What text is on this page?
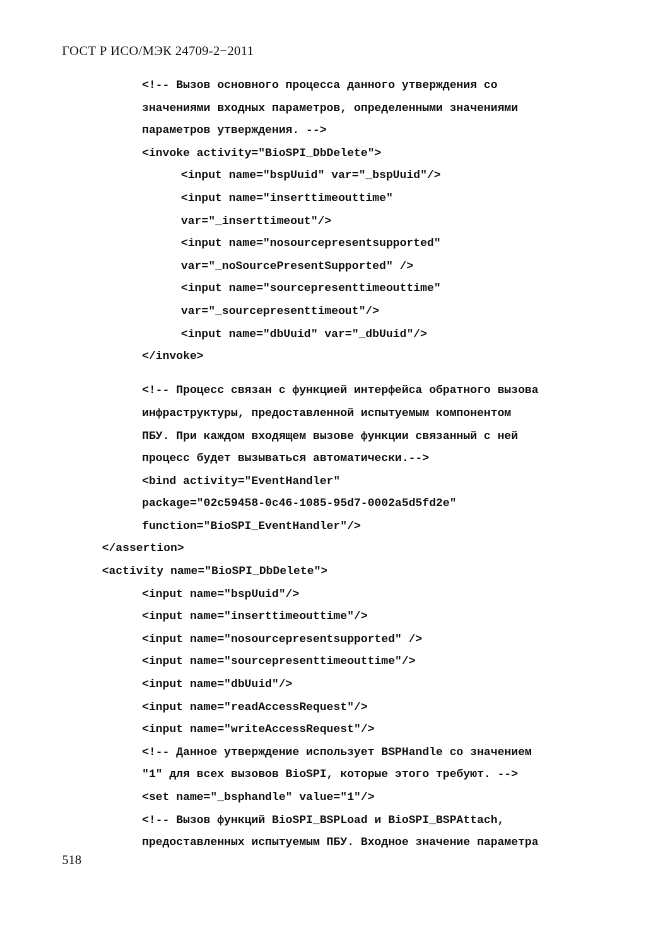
ГОСТ Р ИСО/МЭК 24709-2−2011
<!-- Вызов основного процесса данного утверждения со
значениями входных параметров, определенными значениями
параметров утверждения. -->
<invoke activity="BioSPI_DbDelete">
<input name="bspUuid" var="_bspUuid"/>
<input name="inserttimeouttime"
var="_inserttimeout"/>
<input name="nosourcepresentsupported"
var="_noSourcePresentSupported" />
<input name="sourcepresenttimeouttime"
var="_sourcepresenttimeout"/>
<input name="dbUuid" var="_dbUuid"/>
</invoke>
<!-- Процесс связан с функцией интерфейса обратного вызова
инфраструктуры, предоставленной испытуемым компонентом
ПБУ. При каждом входящем вызове функции связанный с ней
процесс будет вызываться автоматически.-->
<bind activity="EventHandler"
package="02c59458-0c46-1085-95d7-0002a5d5fd2e"
function="BioSPI_EventHandler"/>
</assertion>
<activity name="BioSPI_DbDelete">
<input name="bspUuid"/>
<input name="inserttimeouttime"/>
<input name="nosourcepresentsupported" />
<input name="sourcepresenttimeouttime"/>
<input name="dbUuid"/>
<input name="readAccessRequest"/>
<input name="writeAccessRequest"/>
<!-- Данное утверждение использует BSPHandle со значением
"1" для всех вызовов BioSPI, которые этого требуют. -->
<set name="_bsphandle" value="1"/>
<!-- Вызов функций BioSPI_BSPLoad и BioSPI_BSPAttach,
предоставленных испытуемым ПБУ. Входное значение параметра
518
